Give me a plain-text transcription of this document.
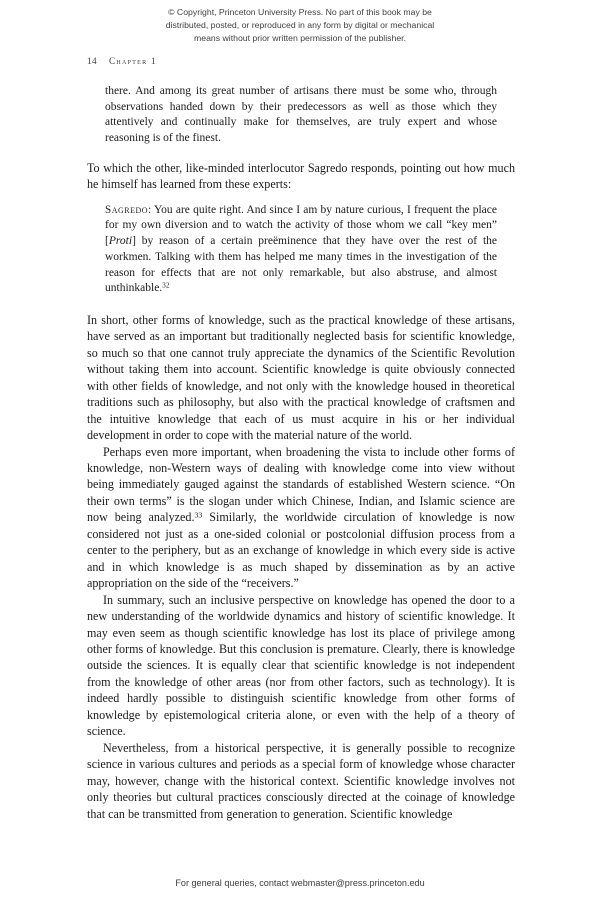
© Copyright, Princeton University Press. No part of this book may be
distributed, posted, or reproduced in any form by digital or mechanical
means without prior written permission of the publisher.
14 Chapter 1

there. And among its great number of artisans there must be some who, through observations handed down by their predecessors as well as those which they attentively and continually make for themselves, are truly expert and whose reasoning is of the finest.

To which the other, like-minded interlocutor Sagredo responds, pointing out how much he himself has learned from these experts:

Sagredo: You are quite right. And since I am by nature curious, I frequent the place for my own diversion and to watch the activity of those whom we call “key men” [Proti] by reason of a certain preëminence that they have over the rest of the workmen. Talking with them has helped me many times in the investigation of the reason for effects that are not only remarkable, but also abstruse, and almost unthinkable.$^{32}$

In short, other forms of knowledge, such as the practical knowledge of these artisans, have served as an important but traditionally neglected basis for scientific knowledge, so much so that one cannot truly appreciate the dynamics of the Scientific Revolution without taking them into account. Scientific knowledge is quite obviously connected with other fields of knowledge, and not only with the knowledge housed in theoretical traditions such as philosophy, but also with the practical knowledge of craftsmen and the intuitive knowledge that each of us must acquire in his or her individual development in order to cope with the material nature of the world.

Perhaps even more important, when broadening the vista to include other forms of knowledge, non-Western ways of dealing with knowledge come into view without being immediately gauged against the standards of established Western science. “On their own terms” is the slogan under which Chinese, Indian, and Islamic science are now being analyzed.$^{33}$ Similarly, the worldwide circulation of knowledge is now considered not just as a one-sided colonial or postcolonial diffusion process from a center to the periphery, but as an exchange of knowledge in which every side is active and in which knowledge is as much shaped by dissemination as by an active appropriation on the side of the “receivers.”

In summary, such an inclusive perspective on knowledge has opened the door to a new understanding of the worldwide dynamics and history of scientific knowledge. It may even seem as though scientific knowledge has lost its place of privilege among other forms of knowledge. But this conclusion is premature. Clearly, there is knowledge outside the sciences. It is equally clear that scientific knowledge is not independent from the knowledge of other areas (nor from other factors, such as technology). It is indeed hardly possible to distinguish scientific knowledge from other forms of knowledge by epistemological criteria alone, or even with the help of a theory of science.

Nevertheless, from a historical perspective, it is generally possible to recognize science in various cultures and periods as a special form of knowledge whose character may, however, change with the historical context. Scientific knowledge involves not only theories but cultural practices consciously directed at the coinage of knowledge that can be transmitted from generation to generation. Scientific knowledge

For general queries, contact webmaster@press.princeton.edu
